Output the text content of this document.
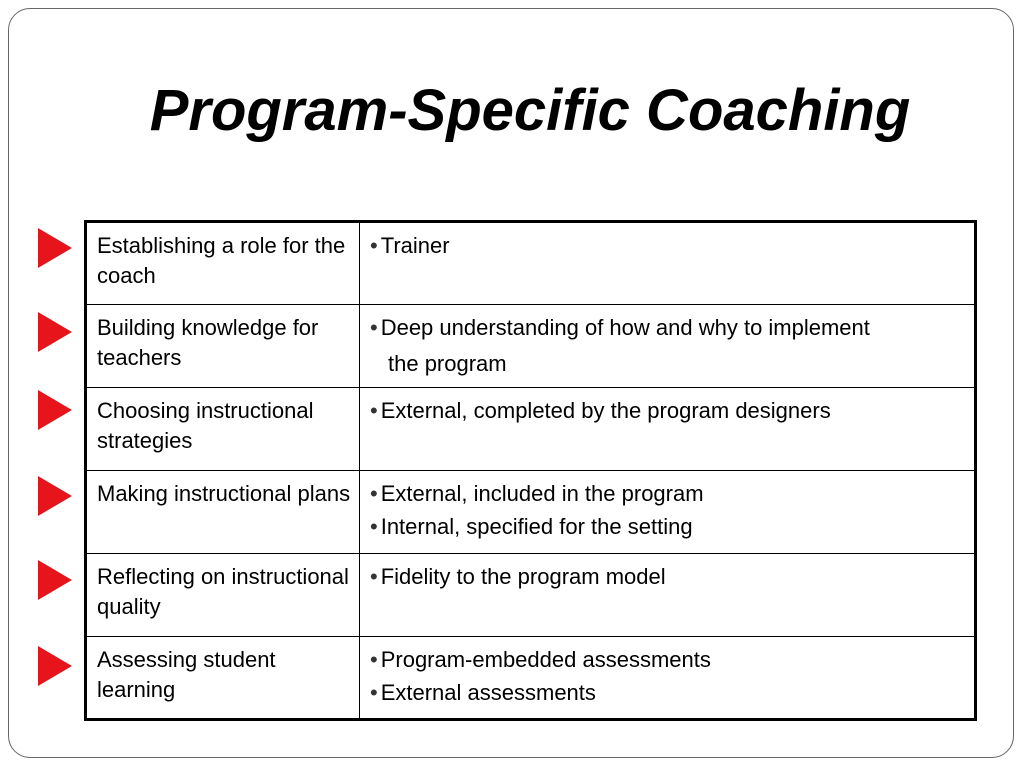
Program-Specific Coaching
Establishing a role for the coach	• Trainer

Building knowledge for teachers	• Deep understanding of how and why to implement
the program

Choosing instructional strategies	• External, completed by the program designers

Making instructional plans	• External, included in the program
• Internal, specified for the setting

Reflecting on instructional quality	• Fidelity to the program model

Assessing student learning	• Program-embedded assessments
• External assessments
